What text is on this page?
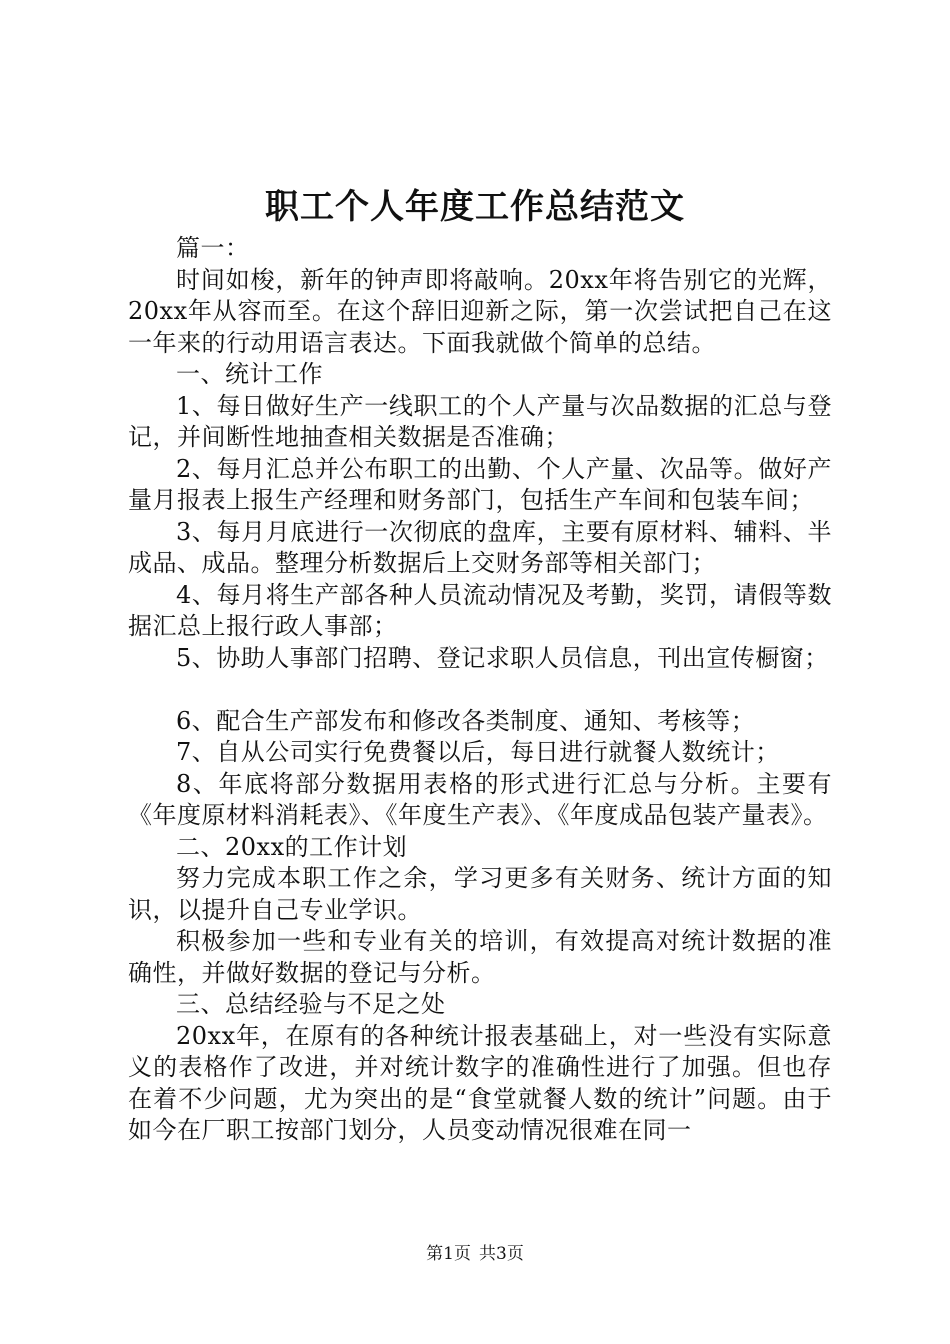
职工个人年度工作总结范文

篇一：

时间如梭，新年的钟声即将敲响。20xx年将告别它的光辉，20xx年从容而至。在这个辞旧迎新之际，第一次尝试把自己在这一年来的行动用语言表达。下面我就做个简单的总结。

一、统计工作

1、每日做好生产一线职工的个人产量与次品数据的汇总与登记，并间断性地抽查相关数据是否准确；

2、每月汇总并公布职工的出勤、个人产量、次品等。做好产量月报表上报生产经理和财务部门，包括生产车间和包装车间；

3、每月月底进行一次彻底的盘库，主要有原材料、辅料、半成品、成品。整理分析数据后上交财务部等相关部门；

4、每月将生产部各种人员流动情况及考勤，奖罚，请假等数据汇总上报行政人事部；

5、协助人事部门招聘、登记求职人员信息，刊出宣传橱窗；

6、配合生产部发布和修改各类制度、通知、考核等；

7、自从公司实行免费餐以后，每日进行就餐人数统计；

8、年底将部分数据用表格的形式进行汇总与分析。主要有《年度原材料消耗表》、《年度生产表》、《年度成品包装产量表》。

二、20xx的工作计划

努力完成本职工作之余，学习更多有关财务、统计方面的知识，以提升自己专业学识。

积极参加一些和专业有关的培训，有效提高对统计数据的准确性，并做好数据的登记与分析。

三、总结经验与不足之处

20xx年，在原有的各种统计报表基础上，对一些没有实际意义的表格作了改进，并对统计数字的准确性进行了加强。但也存在着不少问题，尤为突出的是“食堂就餐人数的统计”问题。由于如今在厂职工按部门划分，人员变动情况很难在同一

第1页 共3页
